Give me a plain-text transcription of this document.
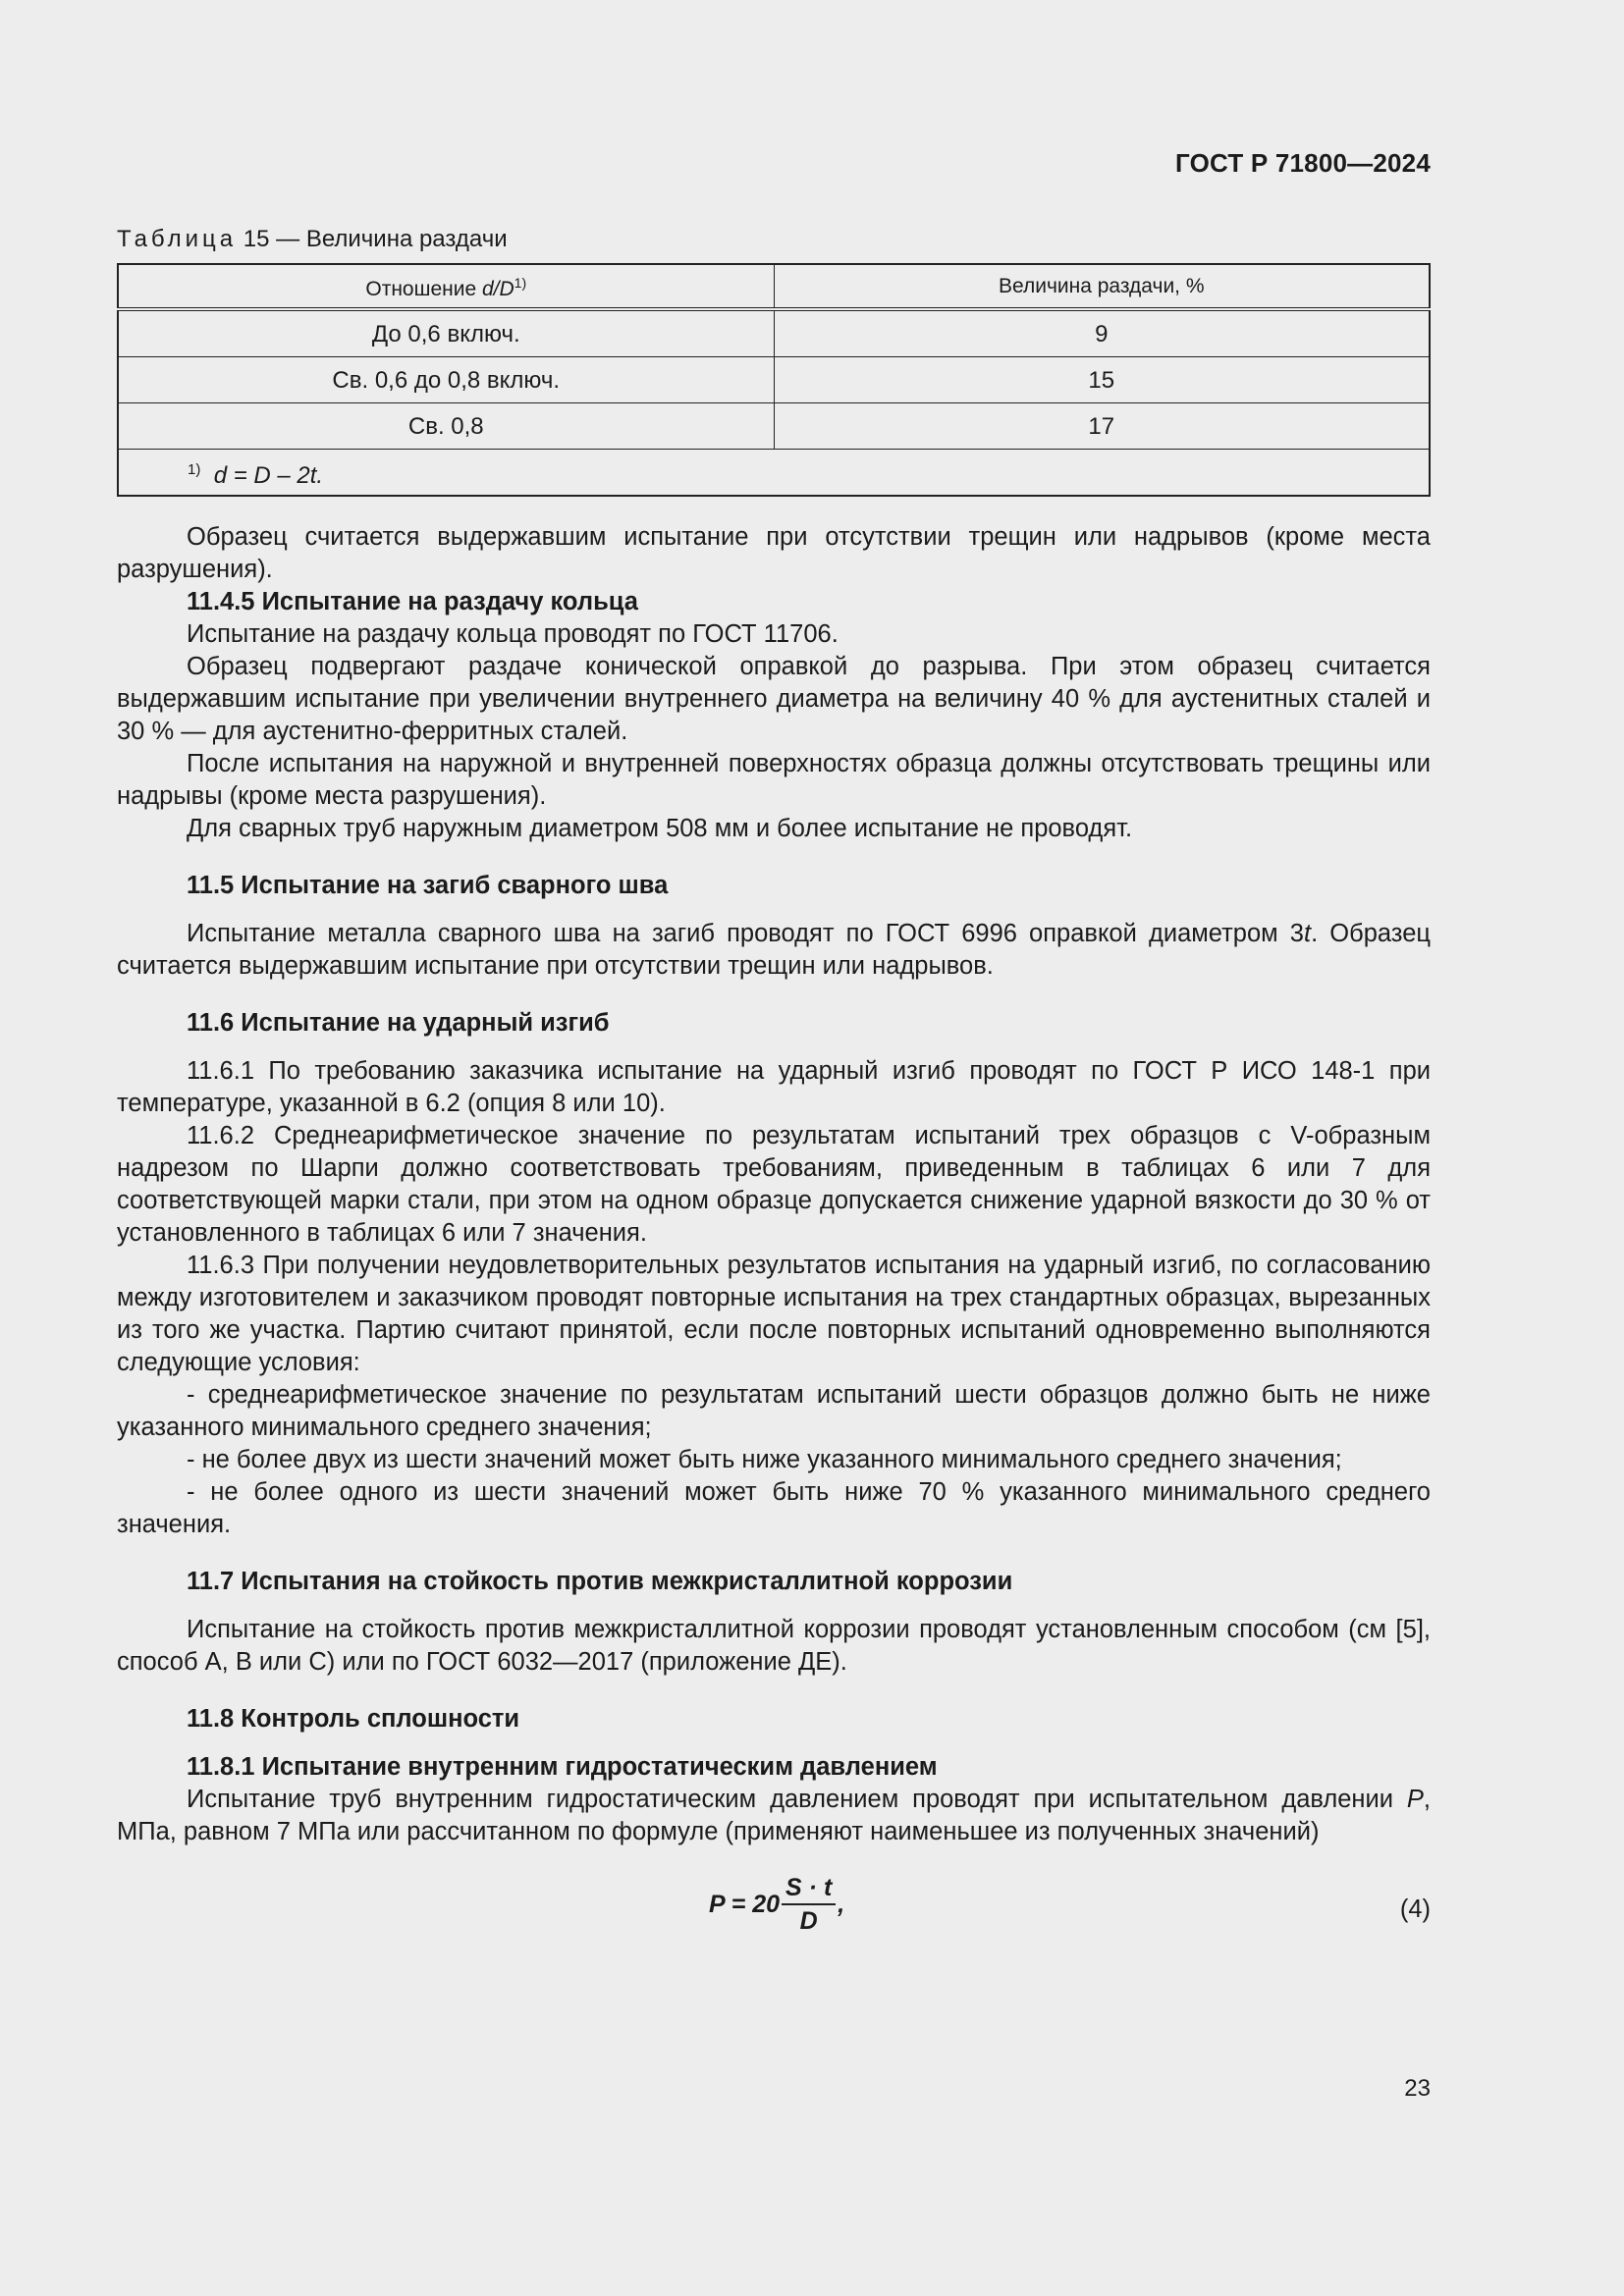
ГОСТ Р 71800—2024
Таблица 15 — Величина раздачи
Отношение $d/D^{1)}$	Величина раздачи, %
До 0,6 включ.	9
Св. 0,6 до 0,8 включ.	15
Св. 0,8	17
$^{1)}$ d = D – 2t.	

Образец считается выдержавшим испытание при отсутствии трещин или надрывов (кроме места разрушения).

11.4.5 Испытание на раздачу кольца

Испытание на раздачу кольца проводят по ГОСТ 11706.

Образец подвергают раздаче конической оправкой до разрыва. При этом образец считается выдержавшим испытание при увеличении внутреннего диаметра на величину 40 % для аустенитных сталей и 30 % — для аустенитно-ферритных сталей.

После испытания на наружной и внутренней поверхностях образца должны отсутствовать трещины или надрывы (кроме места разрушения).

Для сварных труб наружным диаметром 508 мм и более испытание не проводят.

11.5 Испытание на загиб сварного шва

Испытание металла сварного шва на загиб проводят по ГОСТ 6996 оправкой диаметром 3t. Образец считается выдержавшим испытание при отсутствии трещин или надрывов.

11.6 Испытание на ударный изгиб

11.6.1 По требованию заказчика испытание на ударный изгиб проводят по ГОСТ Р ИСО 148-1 при температуре, указанной в 6.2 (опция 8 или 10).

11.6.2 Среднеарифметическое значение по результатам испытаний трех образцов с V-образным надрезом по Шарпи должно соответствовать требованиям, приведенным в таблицах 6 или 7 для соответствующей марки стали, при этом на одном образце допускается снижение ударной вязкости до 30 % от установленного в таблицах 6 или 7 значения.

11.6.3 При получении неудовлетворительных результатов испытания на ударный изгиб, по согласованию между изготовителем и заказчиком проводят повторные испытания на трех стандартных образцах, вырезанных из того же участка. Партию считают принятой, если после повторных испытаний одновременно выполняются следующие условия:

- среднеарифметическое значение по результатам испытаний шести образцов должно быть не ниже указанного минимального среднего значения;

- не более двух из шести значений может быть ниже указанного минимального среднего значения;

- не более одного из шести значений может быть ниже 70 % указанного минимального среднего значения.

11.7 Испытания на стойкость против межкристаллитной коррозии

Испытание на стойкость против межкристаллитной коррозии проводят установленным способом (см [5], способ А, В или С) или по ГОСТ 6032—2017 (приложение ДЕ).

11.8 Контроль сплошности

11.8.1 Испытание внутренним гидростатическим давлением

Испытание труб внутренним гидростатическим давлением проводят при испытательном давлении P, МПа, равном 7 МПа или рассчитанном по формуле (применяют наименьшее из полученных значений)

$P = 20 \frac{S \cdot t}{D}$ ,	(4)
23
